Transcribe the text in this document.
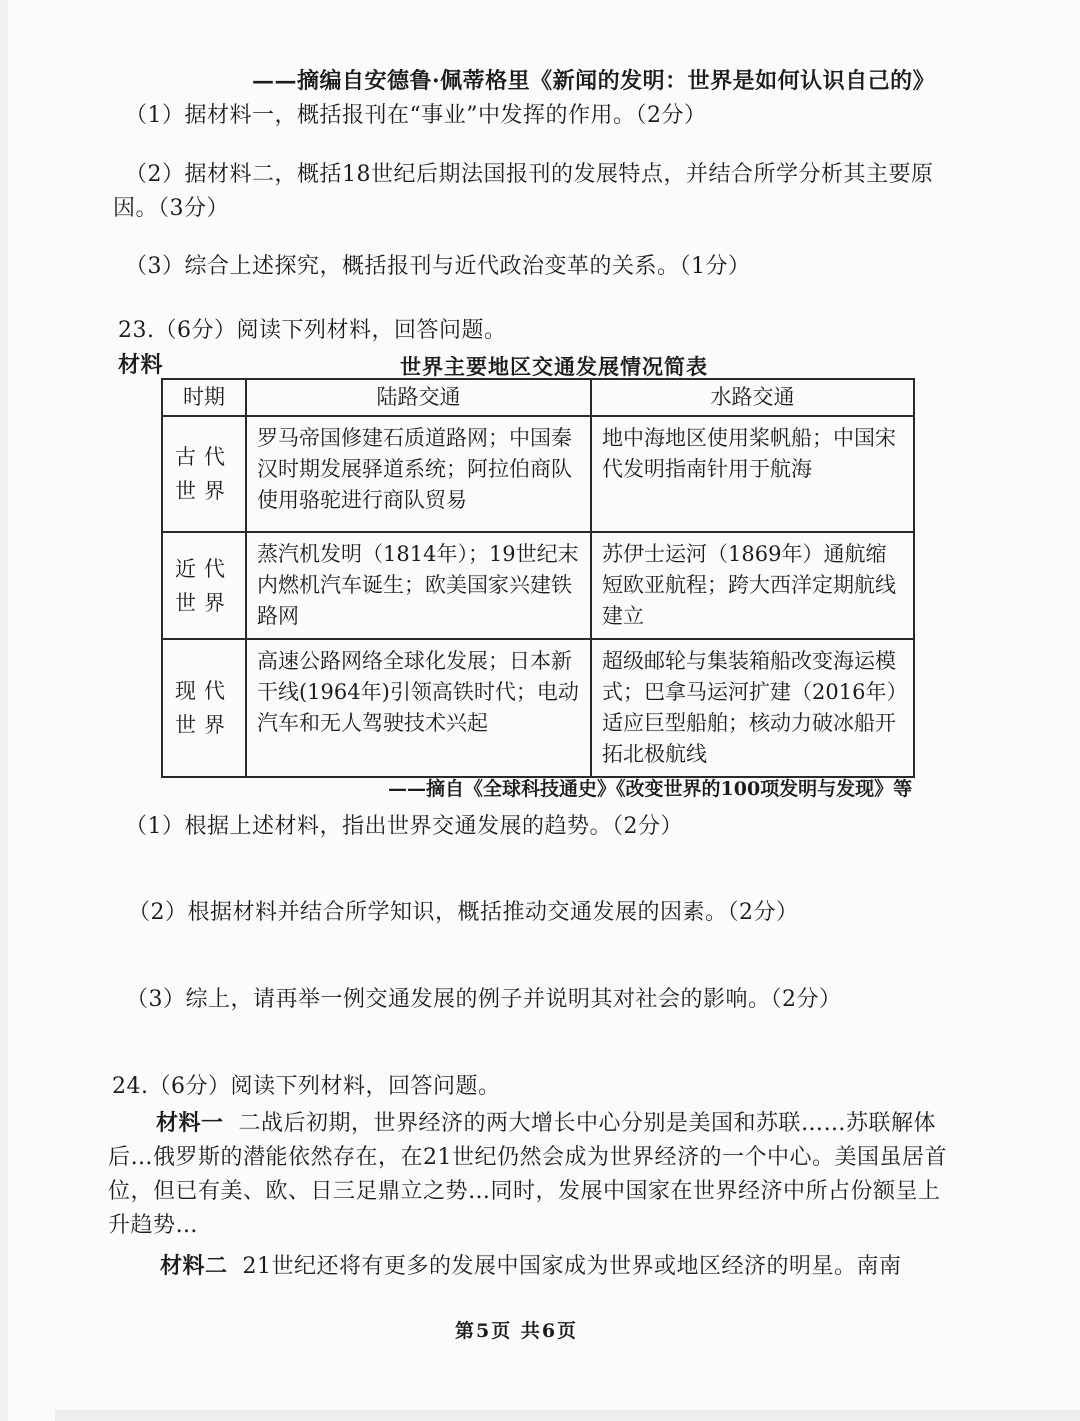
——摘编自安德鲁·佩蒂格里《新闻的发明：世界是如何认识自己的》
（1）据材料一，概括报刊在“事业”中发挥的作用。（2分）
（2）据材料二，概括18世纪后期法国报刊的发展特点，并结合所学分析其主要原因。（3分）
（3）综合上述探究，概括报刊与近代政治变革的关系。（1分）
23.（6分）阅读下列材料，回答问题。
材料	世界主要地区交通发展情况简表
时期	陆路交通	水路交通
古代世界	罗马帝国修建石质道路网；中国秦汉时期发展驿道系统；阿拉伯商队使用骆驼进行商队贸易	地中海地区使用桨帆船；中国宋代发明指南针用于航海
近代世界	蒸汽机发明（1814年）；19世纪末内燃机汽车诞生；欧美国家兴建铁路网	苏伊士运河（1869年）通航缩短欧亚航程；跨大西洋定期航线建立
现代世界	高速公路网络全球化发展；日本新干线(1964年)引领高铁时代；电动汽车和无人驾驶技术兴起	超级邮轮与集装箱船改变海运模式；巴拿马运河扩建（2016年）适应巨型船舶；核动力破冰船开拓北极航线
——摘自《全球科技通史》《改变世界的100项发明与发现》等
（1）根据上述材料，指出世界交通发展的趋势。（2分）
（2）根据材料并结合所学知识，概括推动交通发展的因素。（2分）
（3）综上，请再举一例交通发展的例子并说明其对社会的影响。（2分）
24.（6分）阅读下列材料，回答问题。
材料一 二战后初期，世界经济的两大增长中心分别是美国和苏联……苏联解体后…俄罗斯的潜能依然存在，在21世纪仍然会成为世界经济的一个中心。美国虽居首位，但已有美、欧、日三足鼎立之势…同时，发展中国家在世界经济中所占份额呈上升趋势…
材料二 21世纪还将有更多的发展中国家成为世界或地区经济的明星。南南
第5页 共6页
